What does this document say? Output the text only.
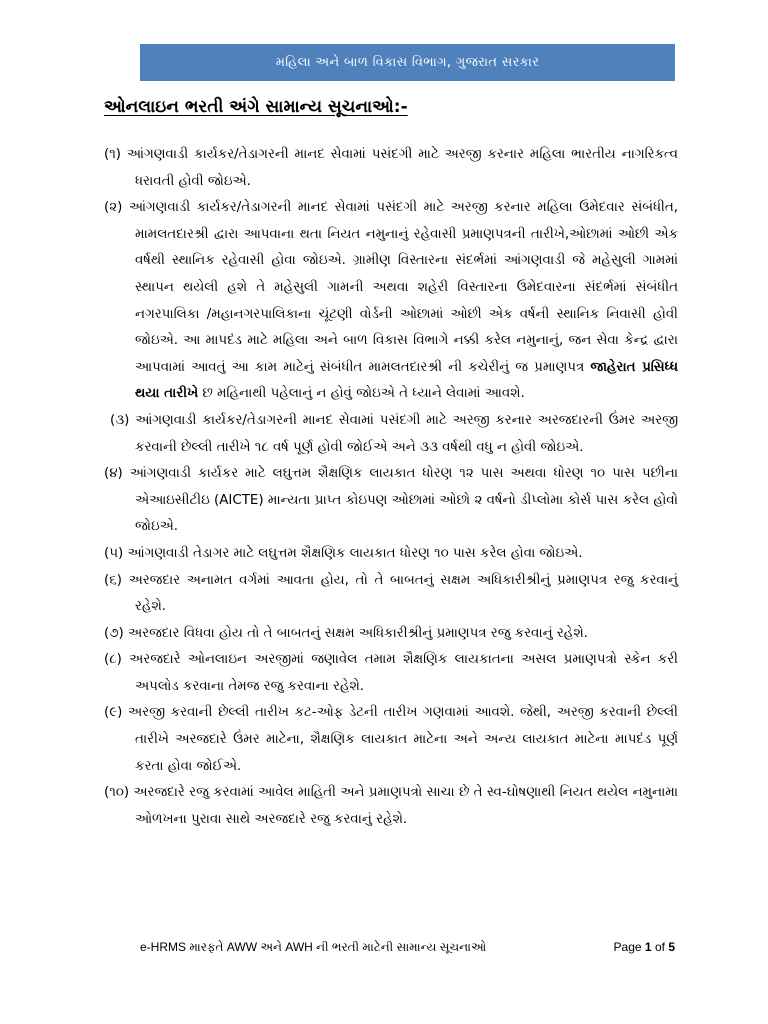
મહિલા અને બાળ વિકાસ વિભાગ, ગુજરાત સરકાર
ઓનલાઇન ભરતી અંગે સામાન્ય સૂચનાઓ:-
(૧) આંગણવાડી કાર્યકર/તેડાગરની માનદ સેવામાં પસંદગી માટે અરજી કરનાર મહિલા ભારતીય નાગરિકત્વ ધરાવતી હોવી જોઇએ.
(૨) આંગણવાડી કાર્યકર/તેડાગરની માનદ સેવામાં પસંદગી માટે અરજી કરનાર મહિલા ઉમેદવાર સંબંધીત, મામલતદારશ્રી દ્વારા આપવાના થતા નિયત નમુનાનું રહેવાસી પ્રમાણપત્રની તારીખે,ઓછામાં ઓછી એક વર્ષથી સ્થાનિક રહેવાસી હોવા જોઇએ. ગ્રામીણ વિસ્તારના સંદર્ભમાં આંગણવાડી જે મહેસુલી ગામમાં સ્થાપન થયેલી હશે તે મહેસુલી ગામની અથવા શહેરી વિસ્તારના ઉમેદવારના સંદર્ભમાં સંબંધીત નગરપાલિકા /મહાનગરપાલિકાના ચૂંટણી વોર્ડની ઓછામાં ઓછી એક વર્ષની સ્થાનિક નિવાસી હોવી જોઇએ. આ માપદંડ માટે મહિલા અને બાળ વિકાસ વિભાગે નક્કી કરેલ નમુનાનું, જન સેવા કેન્દ્ર દ્વારા આપવામાં આવતું આ કામ માટેનું સંબંધીત મામલતદારશ્રી ની કચેરીનું જ પ્રમાણપત્ર જાહેરાત પ્રસિધ્ધ થયા તારીખે છ મહિનાથી પહેલાનું ન હોવું જોઇએ તે ધ્યાને લેવામાં આવશે.
(૩) આંગણવાડી કાર્યકર/તેડાગરની માનદ સેવામાં પસંદગી માટે અરજી કરનાર અરજદારની ઉંમર અરજી કરવાની છેલ્લી તારીખે ૧૮ વર્ષ પૂર્ણ હોવી જોઈએ અને ૩૩ વર્ષથી વધુ ન હોવી જોઇએ.
(૪) આંગણવાડી કાર્યકર માટે લઘુત્તમ શૈક્ષણિક લાયકાત ધોરણ ૧૨ પાસ અથવા ધોરણ ૧૦ પાસ પછીના એઆઇસીટીઇ (AICTE) માન્યતા પ્રાપ્ત કોઇપણ ઓછામાં ઓછો ૨ વર્ષનો ડીપ્લોમા કોર્સ પાસ કરેલ હોવો જોઇએ.
(૫) આંગણવાડી તેડાગર માટે લઘુત્તમ શૈક્ષણિક લાયકાત ધોરણ ૧૦ પાસ કરેલ હોવા જોઇએ.
(૬) અરજદાર અનામત વર્ગમાં આવતા હોય, તો તે બાબતનું સક્ષમ અધિકારીશ્રીનું પ્રમાણપત્ર રજુ કરવાનું રહેશે.
(૭) અરજદાર વિધવા હોય તો તે બાબતનું સક્ષમ અધિકારીશ્રીનું પ્રમાણપત્ર રજુ કરવાનું રહેશે.
(૮) અરજદારે ઓનલાઇન અરજીમાં જણાવેલ તમામ શૈક્ષણિક લાયકાતના અસલ પ્રમાણપત્રો સ્કેન કરી અપલોડ કરવાના તેમજ રજુ કરવાના રહેશે.
(૯) અરજી કરવાની છેલ્લી તારીખ કટ-ઓફ ડેટની તારીખ ગણવામાં આવશે. જેથી, અરજી કરવાની છેલ્લી તારીખે અરજદારે ઉંમર માટેના, શૈક્ષણિક લાયકાત માટેના અને અન્ય લાયકાત માટેના માપદંડ પૂર્ણ કરતા હોવા જોઈએ.
(૧૦) અરજદારે રજુ કરવામાં આવેલ માહિતી અને પ્રમાણપત્રો સાચા છે તે સ્વ-ઘોષણાથી નિયત થયેલ નમુનામા ઓળખના પુરાવા સાથે અરજદારે રજુ કરવાનું રહેશે.
e-HRMS મારફતે AWW અને AWH ની ભરતી માટેની સામાન્ય સૂચનાઓ	Page 1 of 5
